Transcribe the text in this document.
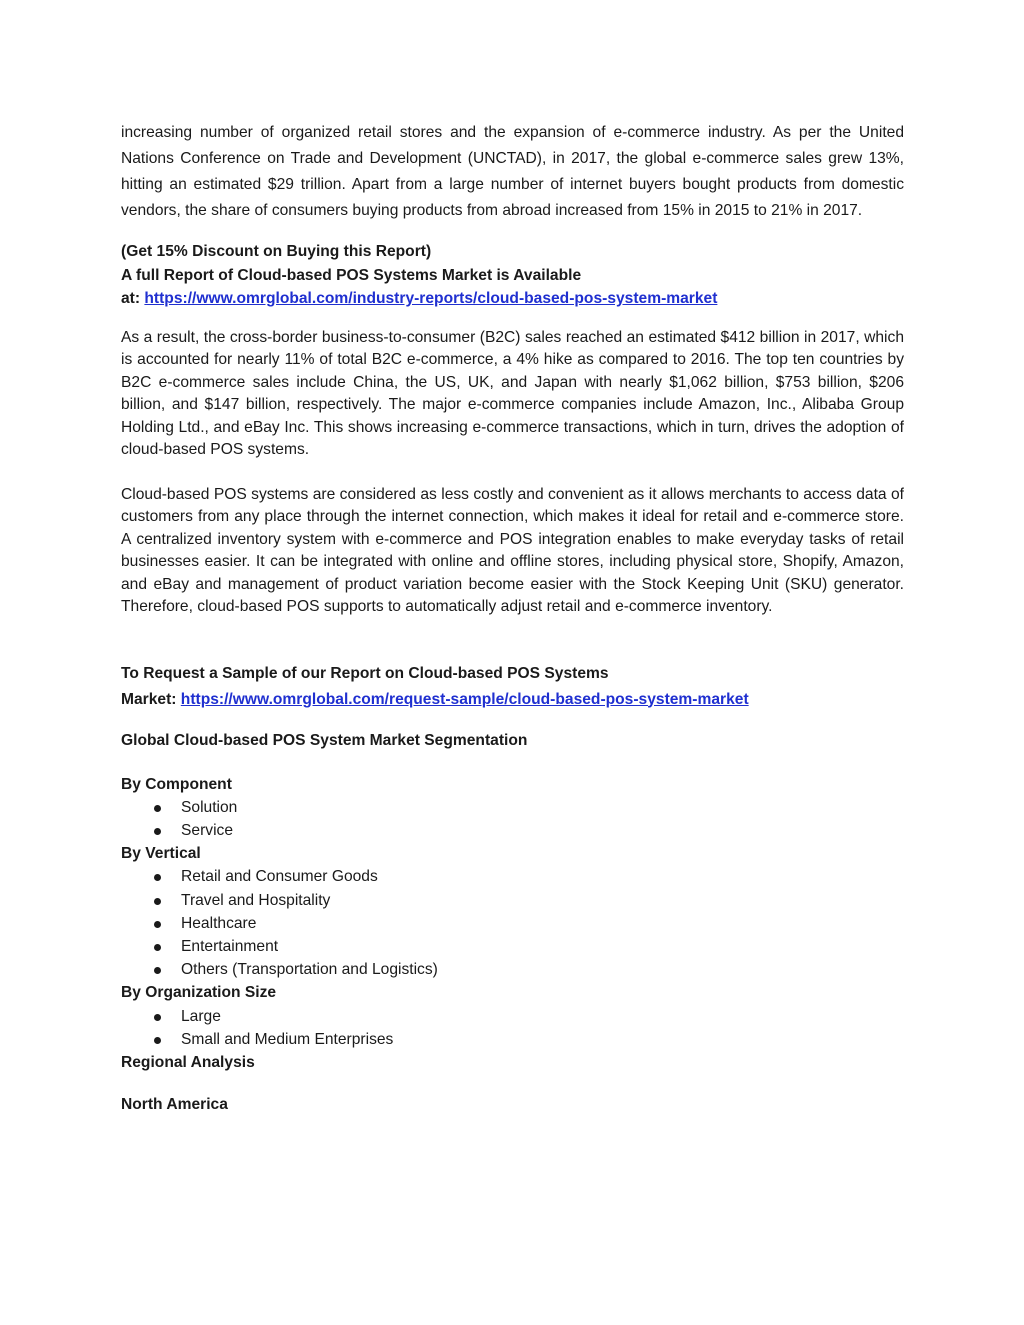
increasing number of organized retail stores and the expansion of e-commerce industry. As per the United Nations Conference on Trade and Development (UNCTAD), in 2017, the global e-commerce sales grew 13%, hitting an estimated $29 trillion. Apart from a large number of internet buyers bought products from domestic vendors, the share of consumers buying products from abroad increased from 15% in 2015 to 21% in 2017.

(Get 15% Discount on Buying this Report)
A full Report of Cloud-based POS Systems Market is Available
at: https://www.omrglobal.com/industry-reports/cloud-based-pos-system-market

As a result, the cross-border business-to-consumer (B2C) sales reached an estimated $412 billion in 2017, which is accounted for nearly 11% of total B2C e-commerce, a 4% hike as compared to 2016. The top ten countries by B2C e-commerce sales include China, the US, UK, and Japan with nearly $1,062 billion, $753 billion, $206 billion, and $147 billion, respectively. The major e-commerce companies include Amazon, Inc., Alibaba Group Holding Ltd., and eBay Inc. This shows increasing e-commerce transactions, which in turn, drives the adoption of cloud-based POS systems.

Cloud-based POS systems are considered as less costly and convenient as it allows merchants to access data of customers from any place through the internet connection, which makes it ideal for retail and e-commerce store. A centralized inventory system with e-commerce and POS integration enables to make everyday tasks of retail businesses easier. It can be integrated with online and offline stores, including physical store, Shopify, Amazon, and eBay and management of product variation become easier with the Stock Keeping Unit (SKU) generator. Therefore, cloud-based POS supports to automatically adjust retail and e-commerce inventory.

To Request a Sample of our Report on Cloud-based POS Systems
Market: https://www.omrglobal.com/request-sample/cloud-based-pos-system-market
Global Cloud-based POS System Market Segmentation
By Component
Solution
Service
By Vertical
Retail and Consumer Goods
Travel and Hospitality
Healthcare
Entertainment
Others (Transportation and Logistics)
By Organization Size
Large
Small and Medium Enterprises
Regional Analysis
North America
